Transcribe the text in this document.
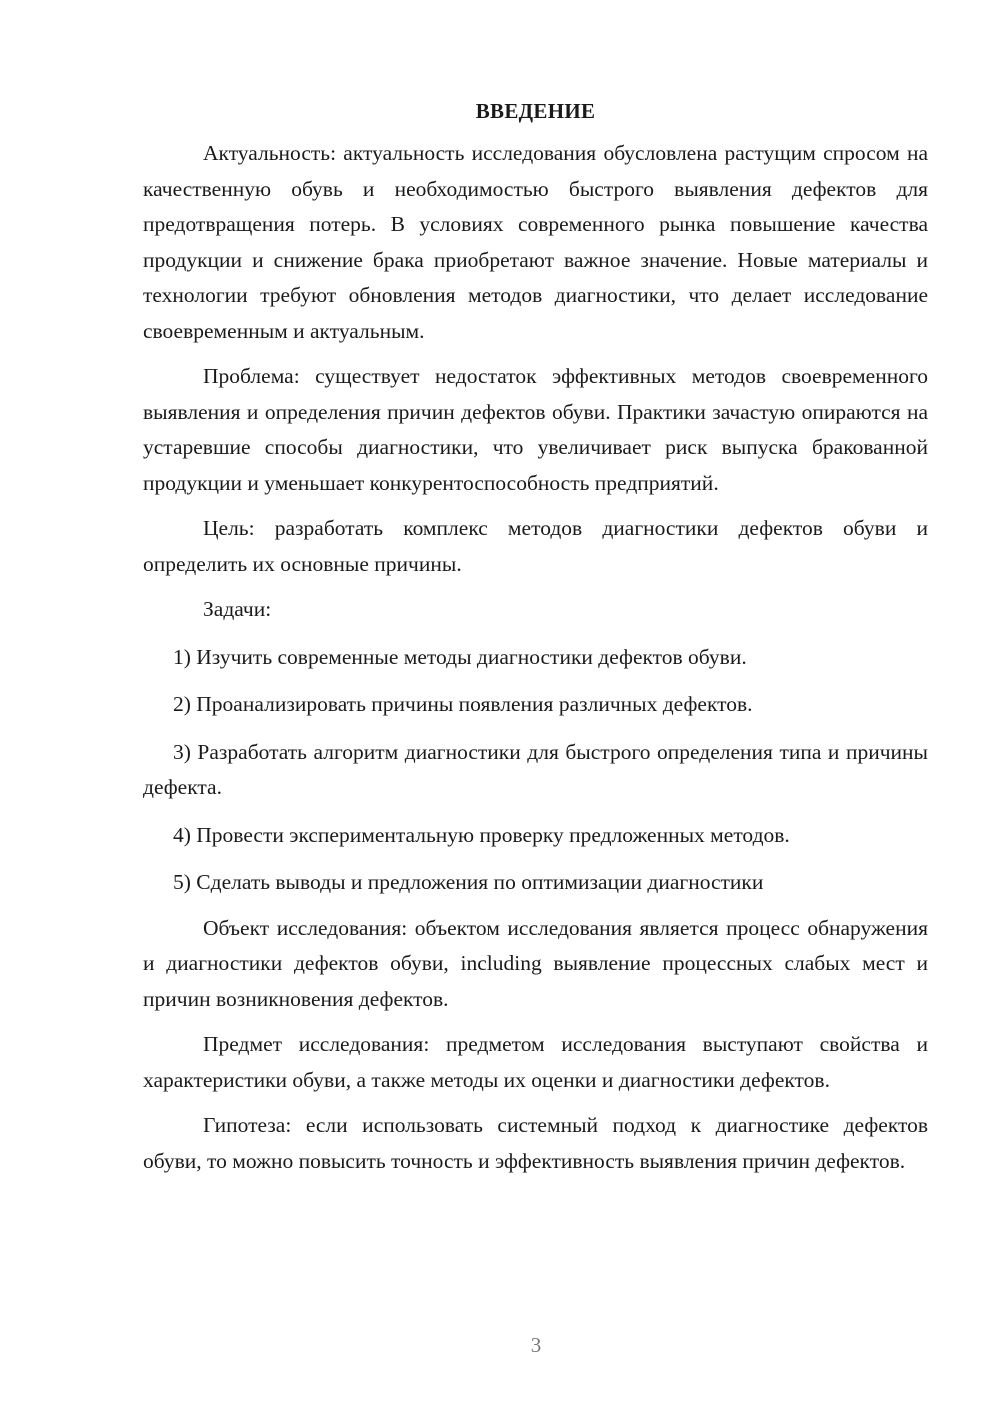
ВВЕДЕНИЕ

Актуальность: актуальность исследования обусловлена растущим спросом на качественную обувь и необходимостью быстрого выявления дефектов для предотвращения потерь. В условиях современного рынка повышение качества продукции и снижение брака приобретают важное значение. Новые материалы и технологии требуют обновления методов диагностики, что делает исследование своевременным и актуальным.

Проблема: существует недостаток эффективных методов своевременного выявления и определения причин дефектов обуви. Практики зачастую опираются на устаревшие способы диагностики, что увеличивает риск выпуска бракованной продукции и уменьшает конкурентоспособность предприятий.

Цель: разработать комплекс методов диагностики дефектов обуви и определить их основные причины.

Задачи:

1) Изучить современные методы диагностики дефектов обуви.

2) Проанализировать причины появления различных дефектов.

3) Разработать алгоритм диагностики для быстрого определения типа и причины дефекта.

4) Провести экспериментальную проверку предложенных методов.

5) Сделать выводы и предложения по оптимизации диагностики

Объект исследования: объектом исследования является процесс обнаружения и диагностики дефектов обуви, including выявление процессных слабых мест и причин возникновения дефектов.

Предмет исследования: предметом исследования выступают свойства и характеристики обуви, а также методы их оценки и диагностики дефектов.

Гипотеза: если использовать системный подход к диагностике дефектов обуви, то можно повысить точность и эффективность выявления причин дефектов.

3
